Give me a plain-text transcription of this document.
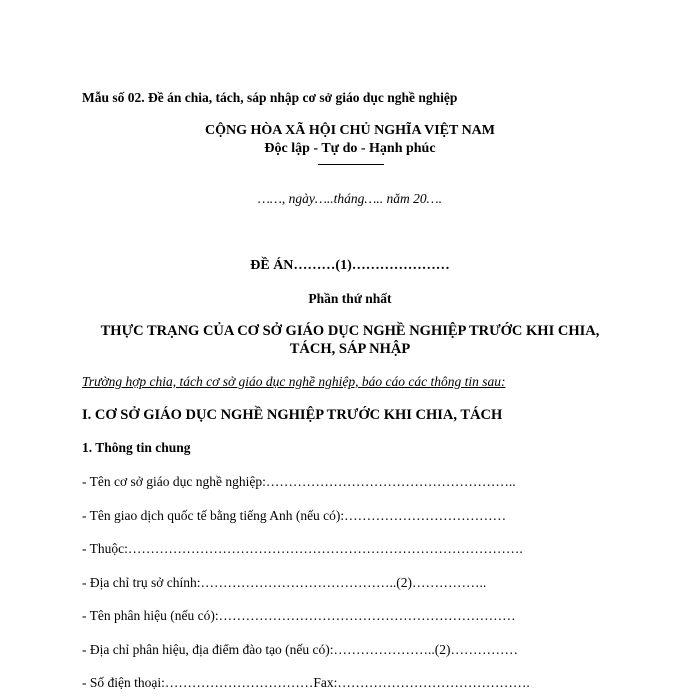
Mẫu số 02. Đề án chia, tách, sáp nhập cơ sở giáo dục nghề nghiệp
CỘNG HÒA XÃ HỘI CHỦ NGHĨA VIỆT NAM
Độc lập - Tự do - Hạnh phúc
……, ngày…..tháng….. năm 20….
ĐỀ ÁN………(1)…………………
Phần thứ nhất
THỰC TRẠNG CỦA CƠ SỞ GIÁO DỤC NGHỀ NGHIỆP TRƯỚC KHI CHIA,
TÁCH, SÁP NHẬP
Trường hợp chia, tách cơ sở giáo dục nghề nghiệp, báo cáo các thông tin sau:
I. CƠ SỞ GIÁO DỤC NGHỀ NGHIỆP TRƯỚC KHI CHIA, TÁCH
1. Thông tin chung
- Tên cơ sở giáo dục nghề nghiệp:………………………………………………..
- Tên giao dịch quốc tế bằng tiếng Anh (nếu có):………………………………
- Thuộc:…………………………………………………………………………….
- Địa chỉ trụ sở chính:……………………………………..(2)……………..
- Tên phân hiệu (nếu có):…………………………………………………………
- Địa chỉ phân hiệu, địa điểm đào tạo (nếu có):…………………..(2)……………
- Số điện thoại:……………………………Fax:…………………………………….
